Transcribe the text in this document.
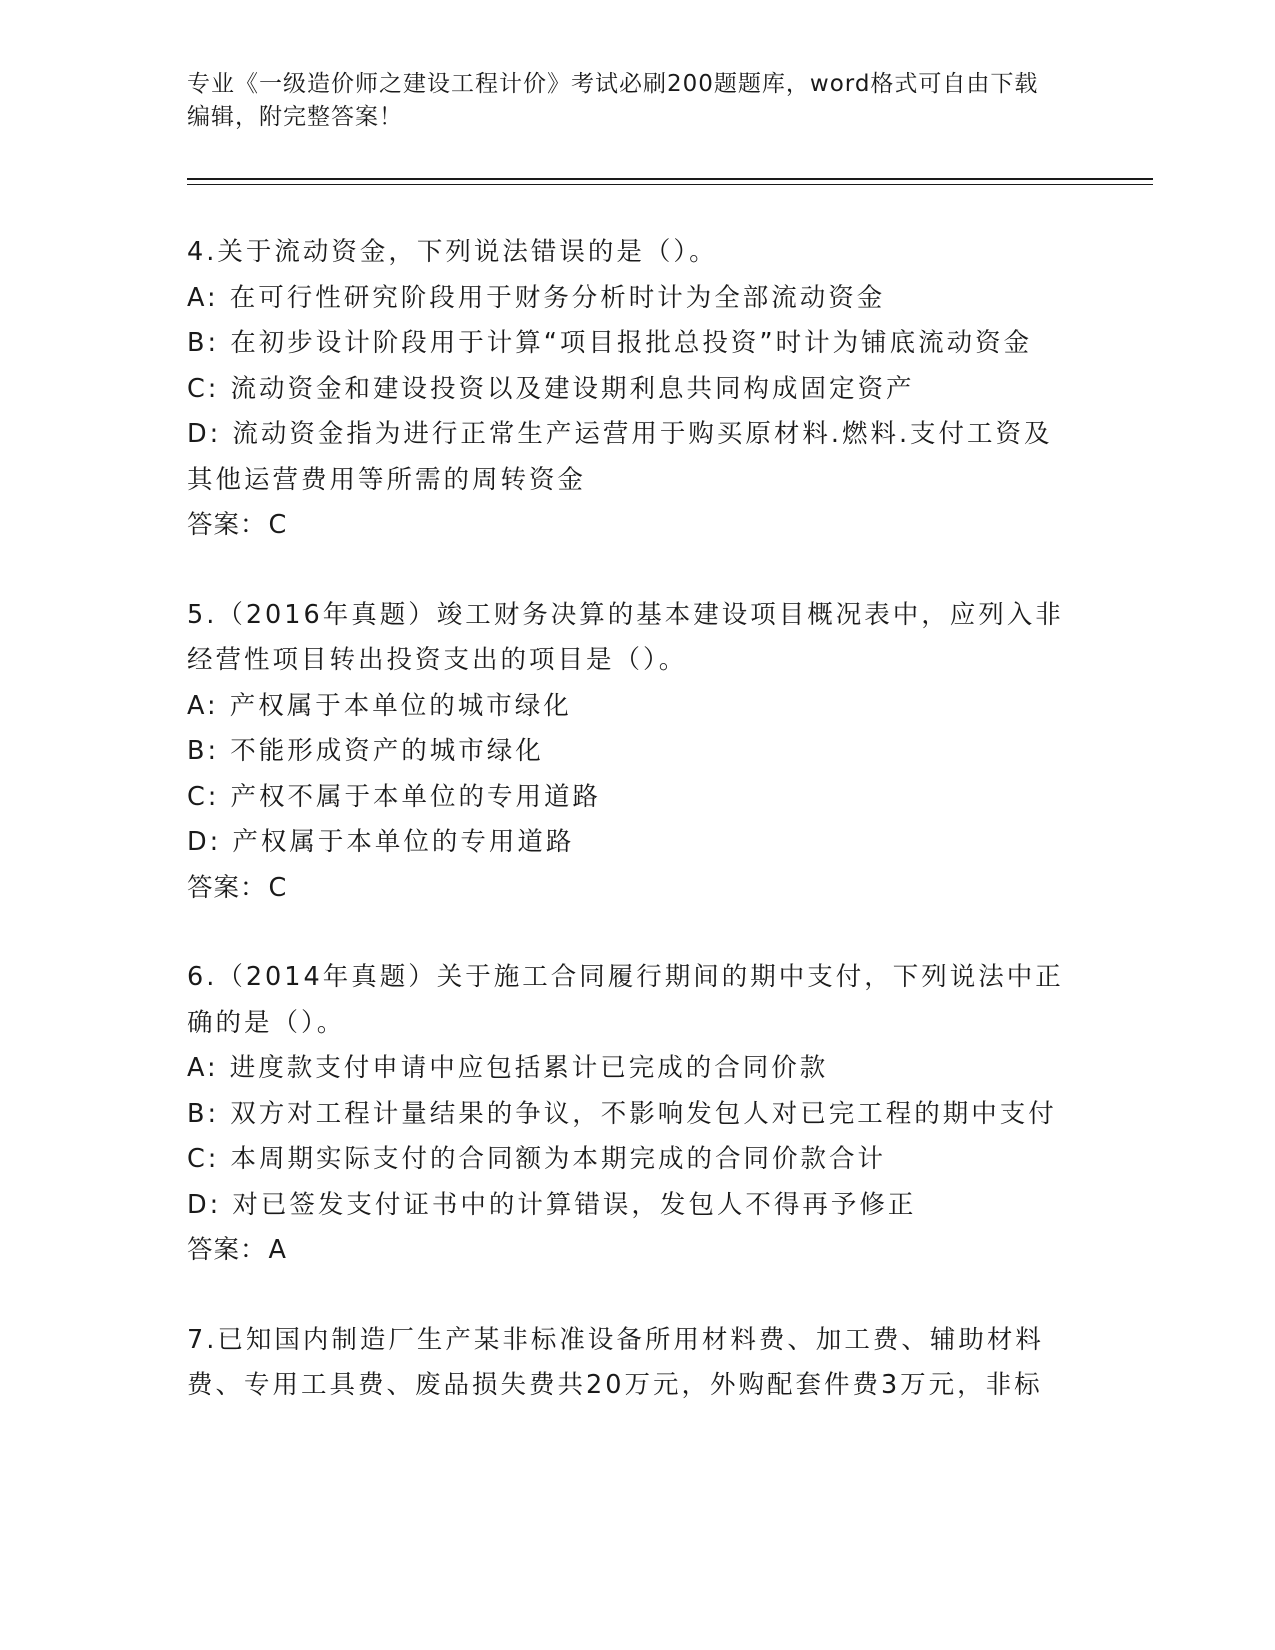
专业《一级造价师之建设工程计价》考试必刷200题题库，word格式可自由下载
编辑，附完整答案！
4.关于流动资金，下列说法错误的是（）。
A: 在可行性研究阶段用于财务分析时计为全部流动资金
B: 在初步设计阶段用于计算“项目报批总投资”时计为铺底流动资金
C: 流动资金和建设投资以及建设期利息共同构成固定资产
D: 流动资金指为进行正常生产运营用于购买原材料.燃料.支付工资及其他运营费用等所需的周转资金
答案：C
5.（2016年真题）竣工财务决算的基本建设项目概况表中，应列入非经营性项目转出投资支出的项目是（）。
A: 产权属于本单位的城市绿化
B: 不能形成资产的城市绿化
C: 产权不属于本单位的专用道路
D: 产权属于本单位的专用道路
答案：C
6.（2014年真题）关于施工合同履行期间的期中支付，下列说法中正确的是（）。
A: 进度款支付申请中应包括累计已完成的合同价款
B: 双方对工程计量结果的争议，不影响发包人对已完工程的期中支付
C: 本周期实际支付的合同额为本期完成的合同价款合计
D: 对已签发支付证书中的计算错误，发包人不得再予修正
答案：A
7.已知国内制造厂生产某非标准设备所用材料费、加工费、辅助材料费、专用工具费、废品损失费共20万元，外购配套件费3万元，非标
